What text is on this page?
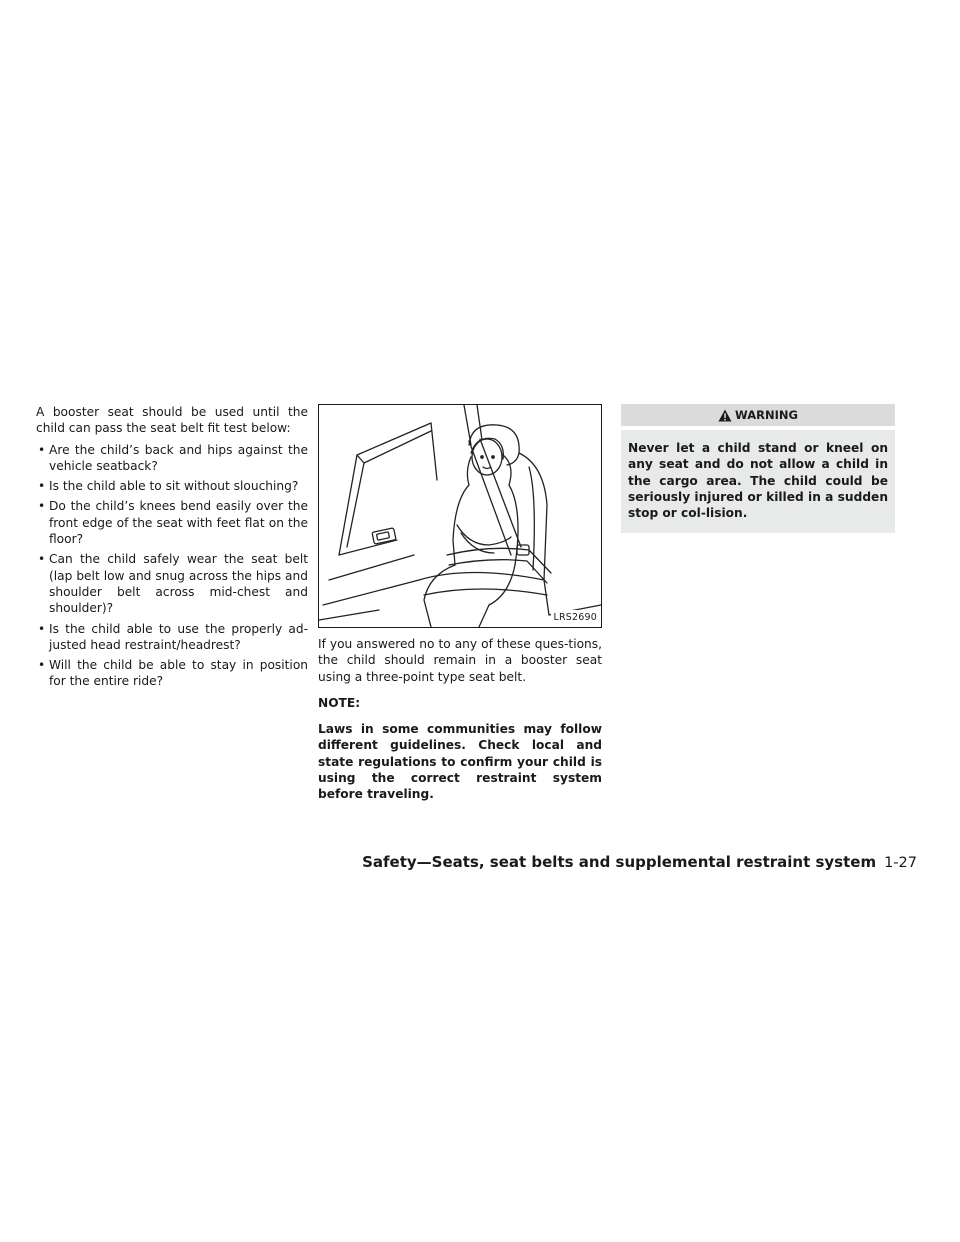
A booster seat should be used until the child can pass the seat belt fit test below:

• Are the child’s back and hips against the vehicle seatback?
• Is the child able to sit without slouching?
• Do the child’s knees bend easily over the front edge of the seat with feet flat on the floor?
• Can the child safely wear the seat belt (lap belt low and snug across the hips and shoulder belt across mid-chest and shoulder)?
• Is the child able to use the properly ad-justed head restraint/headrest?
• Will the child be able to stay in position for the entire ride?
LRS2690

If you answered no to any of these ques-tions, the child should remain in a booster seat using a three-point type seat belt.

NOTE:

Laws in some communities may follow different guidelines. Check local and state regulations to confirm your child is using the correct restraint system before traveling.

WARNING
Never let a child stand or kneel on any seat and do not allow a child in the cargo area. The child could be seriously injured or killed in a sudden stop or col-lision.
Safety—Seats, seat belts and supplemental restraint system 1-27
